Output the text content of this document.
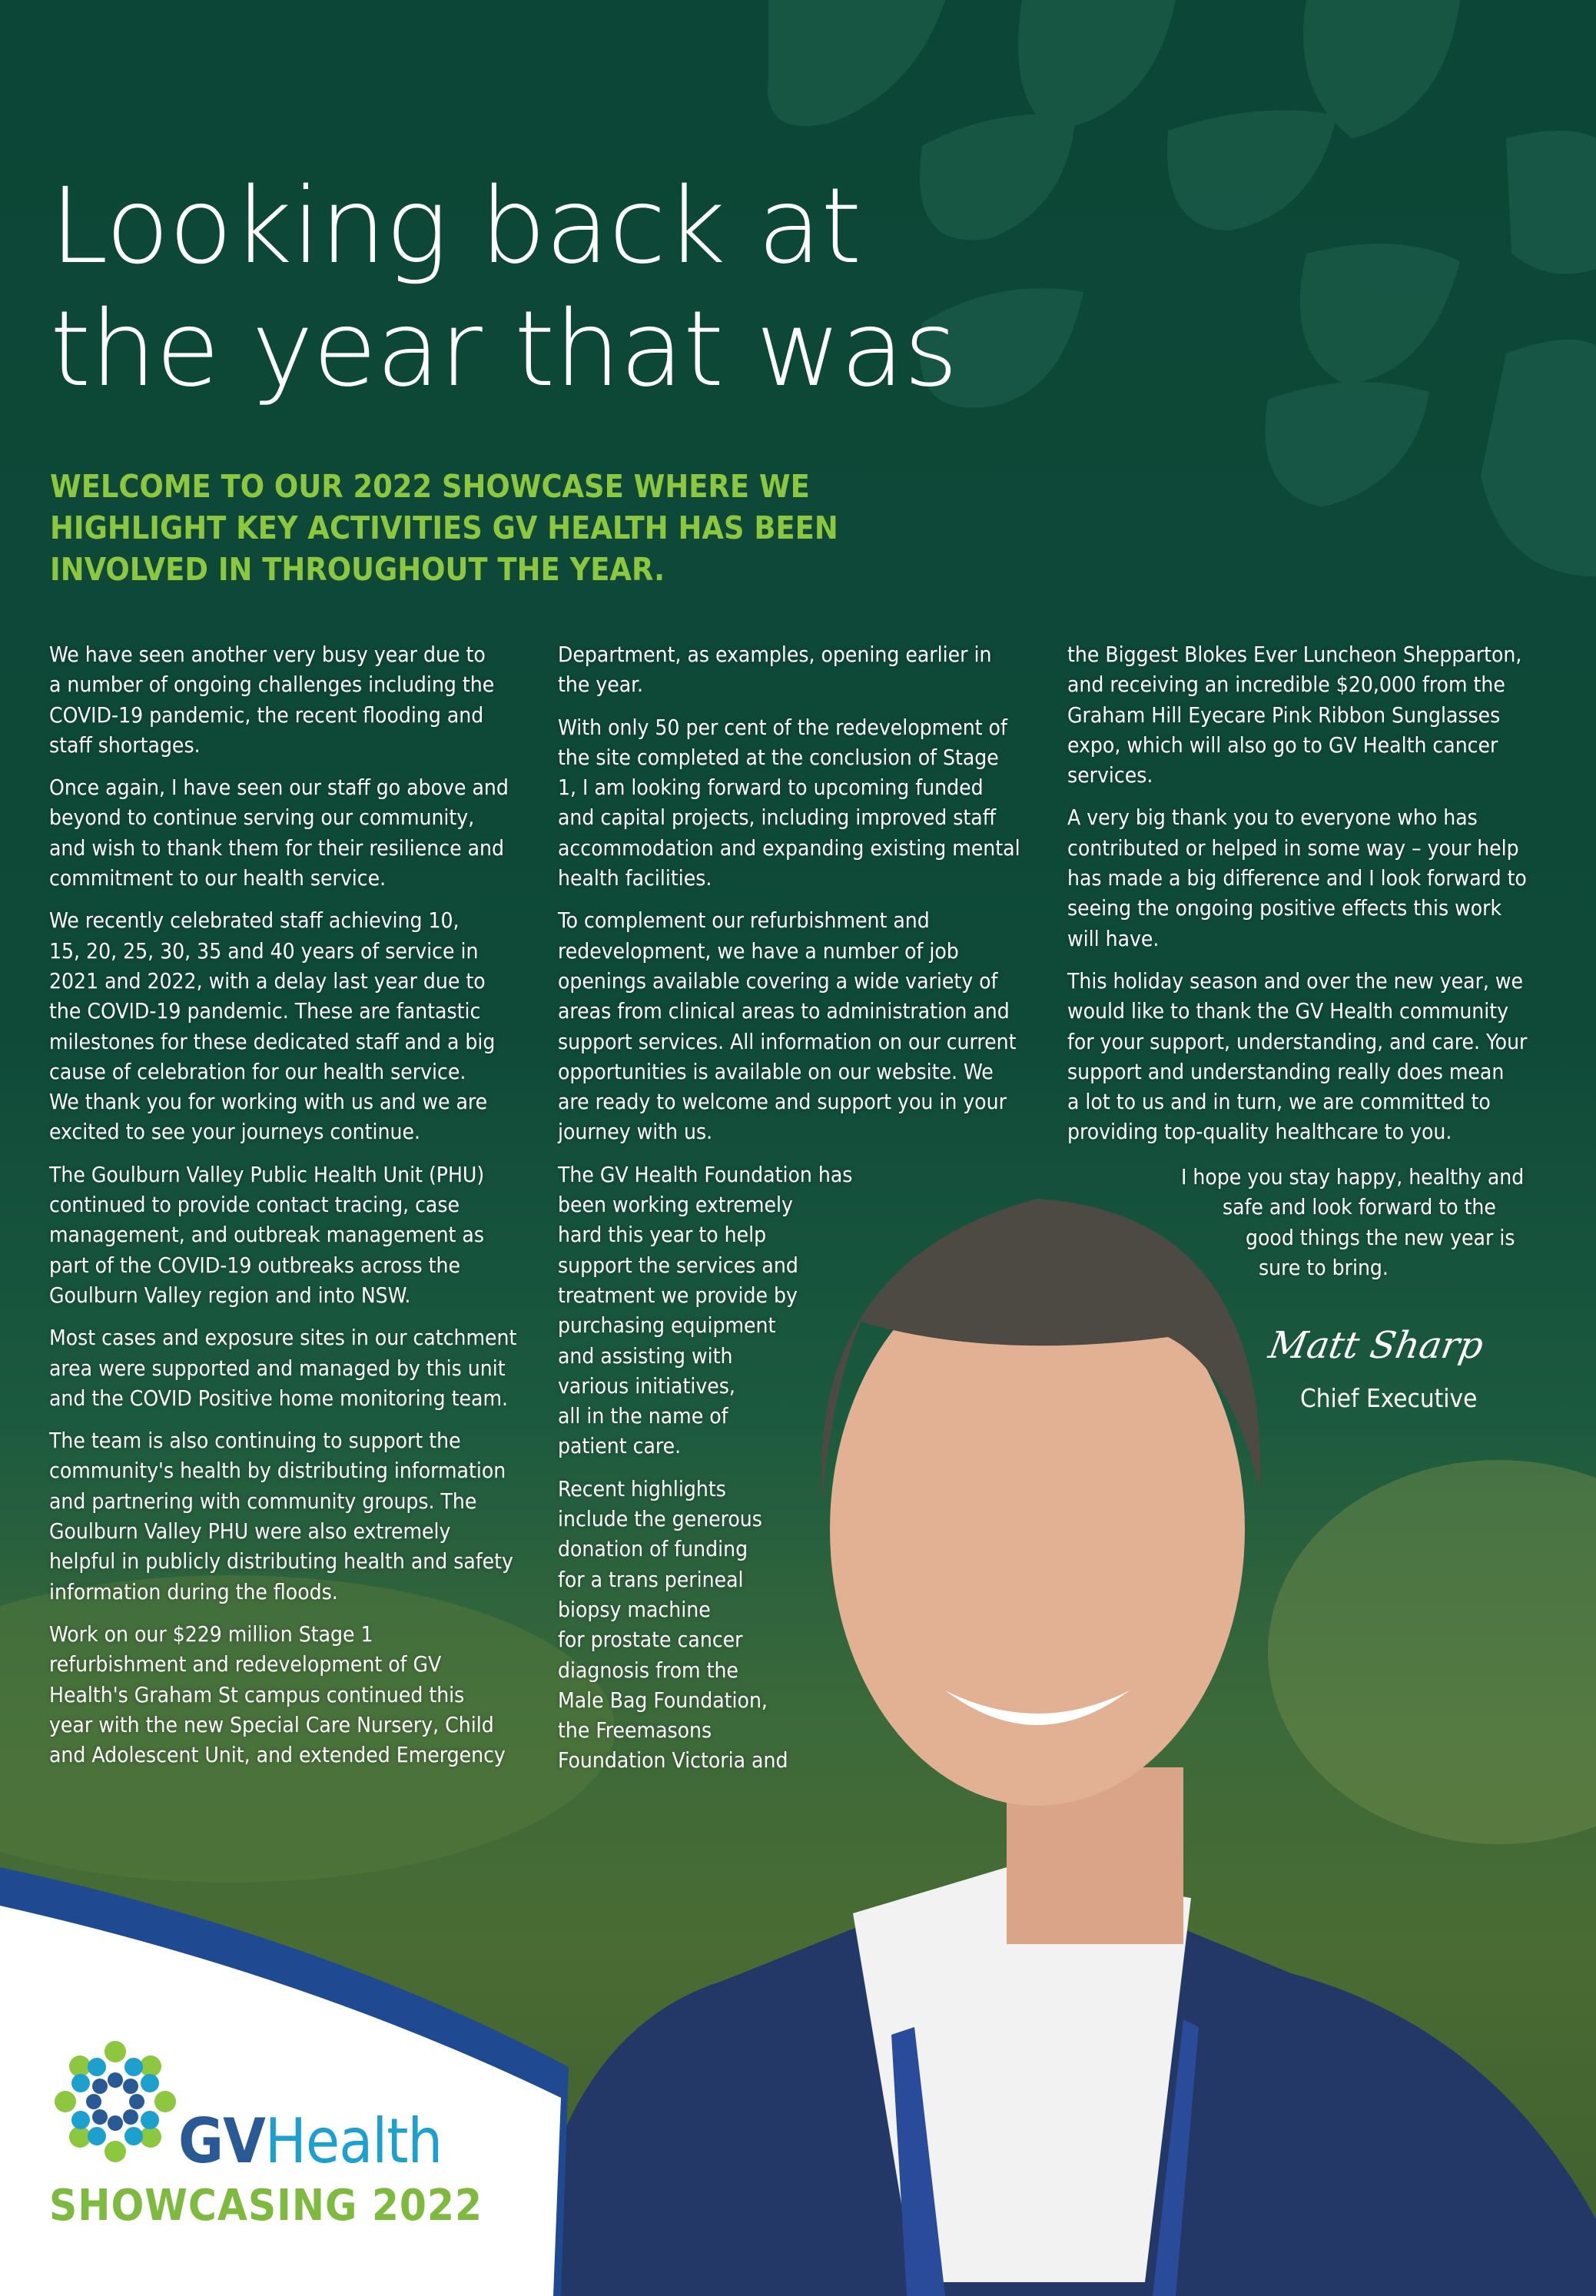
Looking back at
the year that was
WELCOME TO OUR 2022 SHOWCASE WHERE WE
HIGHLIGHT KEY ACTIVITIES GV HEALTH HAS BEEN
INVOLVED IN THROUGHOUT THE YEAR.
We have seen another very busy year due to
a number of ongoing challenges including the
COVID-19 pandemic, the recent flooding and
staff shortages.
Once again, I have seen our staff go above and
beyond to continue serving our community,
and wish to thank them for their resilience and
commitment to our health service.
We recently celebrated staff achieving 10,
15, 20, 25, 30, 35 and 40 years of service in
2021 and 2022, with a delay last year due to
the COVID-19 pandemic. These are fantastic
milestones for these dedicated staff and a big
cause of celebration for our health service.
We thank you for working with us and we are
excited to see your journeys continue.
The Goulburn Valley Public Health Unit (PHU)
continued to provide contact tracing, case
management, and outbreak management as
part of the COVID-19 outbreaks across the
Goulburn Valley region and into NSW.
Most cases and exposure sites in our catchment
area were supported and managed by this unit
and the COVID Positive home monitoring team.
The team is also continuing to support the
community's health by distributing information
and partnering with community groups. The
Goulburn Valley PHU were also extremely
helpful in publicly distributing health and safety
information during the floods.
Work on our $229 million Stage 1
refurbishment and redevelopment of GV
Health's Graham St campus continued this
year with the new Special Care Nursery, Child
and Adolescent Unit, and extended Emergency
Department, as examples, opening earlier in
the year.
With only 50 per cent of the redevelopment of
the site completed at the conclusion of Stage
1, I am looking forward to upcoming funded
and capital projects, including improved staff
accommodation and expanding existing mental
health facilities.
To complement our refurbishment and
redevelopment, we have a number of job
openings available covering a wide variety of
areas from clinical areas to administration and
support services. All information on our current
opportunities is available on our website. We
are ready to welcome and support you in your
journey with us.
The GV Health Foundation has
been working extremely
hard this year to help
support the services and
treatment we provide by
purchasing equipment
and assisting with
various initiatives,
all in the name of
patient care.
Recent highlights
include the generous
donation of funding
for a trans perineal
biopsy machine
for prostate cancer
diagnosis from the
Male Bag Foundation,
the Freemasons
Foundation Victoria and
the Biggest Blokes Ever Luncheon Shepparton,
and receiving an incredible $20,000 from the
Graham Hill Eyecare Pink Ribbon Sunglasses
expo, which will also go to GV Health cancer
services.
A very big thank you to everyone who has
contributed or helped in some way – your help
has made a big difference and I look forward to
seeing the ongoing positive effects this work
will have.
This holiday season and over the new year, we
would like to thank the GV Health community
for your support, understanding, and care. Your
support and understanding really does mean
a lot to us and in turn, we are committed to
providing top-quality healthcare to you.
I hope you stay happy, healthy and
safe and look forward to the
good things the new year is
sure to bring.
Matt Sharp
Chief Executive
GVHealth
SHOWCASING 2022
